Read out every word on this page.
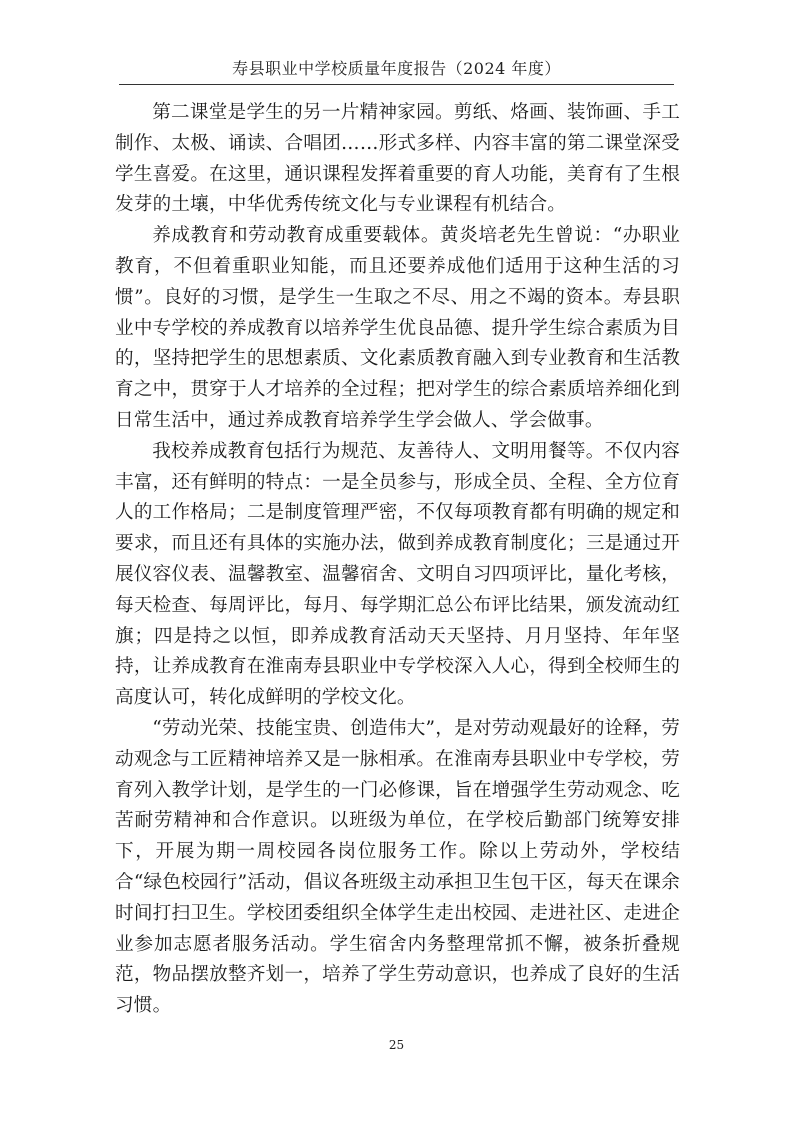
寿县职业中学校质量年度报告（2024 年度）

第二课堂是学生的另一片精神家园。剪纸、烙画、装饰画、手工制作、太极、诵读、合唱团……形式多样、内容丰富的第二课堂深受学生喜爱。在这里，通识课程发挥着重要的育人功能，美育有了生根发芽的土壤，中华优秀传统文化与专业课程有机结合。

养成教育和劳动教育成重要载体。黄炎培老先生曾说：“办职业教育，不但着重职业知能，而且还要养成他们适用于这种生活的习惯”。良好的习惯，是学生一生取之不尽、用之不竭的资本。寿县职业中专学校的养成教育以培养学生优良品德、提升学生综合素质为目的，坚持把学生的思想素质、文化素质教育融入到专业教育和生活教育之中，贯穿于人才培养的全过程；把对学生的综合素质培养细化到日常生活中，通过养成教育培养学生学会做人、学会做事。

我校养成教育包括行为规范、友善待人、文明用餐等。不仅内容丰富，还有鲜明的特点：一是全员参与，形成全员、全程、全方位育人的工作格局；二是制度管理严密，不仅每项教育都有明确的规定和要求，而且还有具体的实施办法，做到养成教育制度化；三是通过开展仪容仪表、温馨教室、温馨宿舍、文明自习四项评比，量化考核，每天检查、每周评比，每月、每学期汇总公布评比结果，颁发流动红旗；四是持之以恒，即养成教育活动天天坚持、月月坚持、年年坚持，让养成教育在淮南寿县职业中专学校深入人心，得到全校师生的高度认可，转化成鲜明的学校文化。

“劳动光荣、技能宝贵、创造伟大”，是对劳动观最好的诠释，劳动观念与工匠精神培养又是一脉相承。在淮南寿县职业中专学校，劳育列入教学计划，是学生的一门必修课，旨在增强学生劳动观念、吃苦耐劳精神和合作意识。以班级为单位，在学校后勤部门统筹安排下，开展为期一周校园各岗位服务工作。除以上劳动外，学校结合“绿色校园行”活动，倡议各班级主动承担卫生包干区，每天在课余时间打扫卫生。学校团委组织全体学生走出校园、走进社区、走进企业参加志愿者服务活动。学生宿舍内务整理常抓不懈，被条折叠规范，物品摆放整齐划一，培养了学生劳动意识，也养成了良好的生活习惯。

25
